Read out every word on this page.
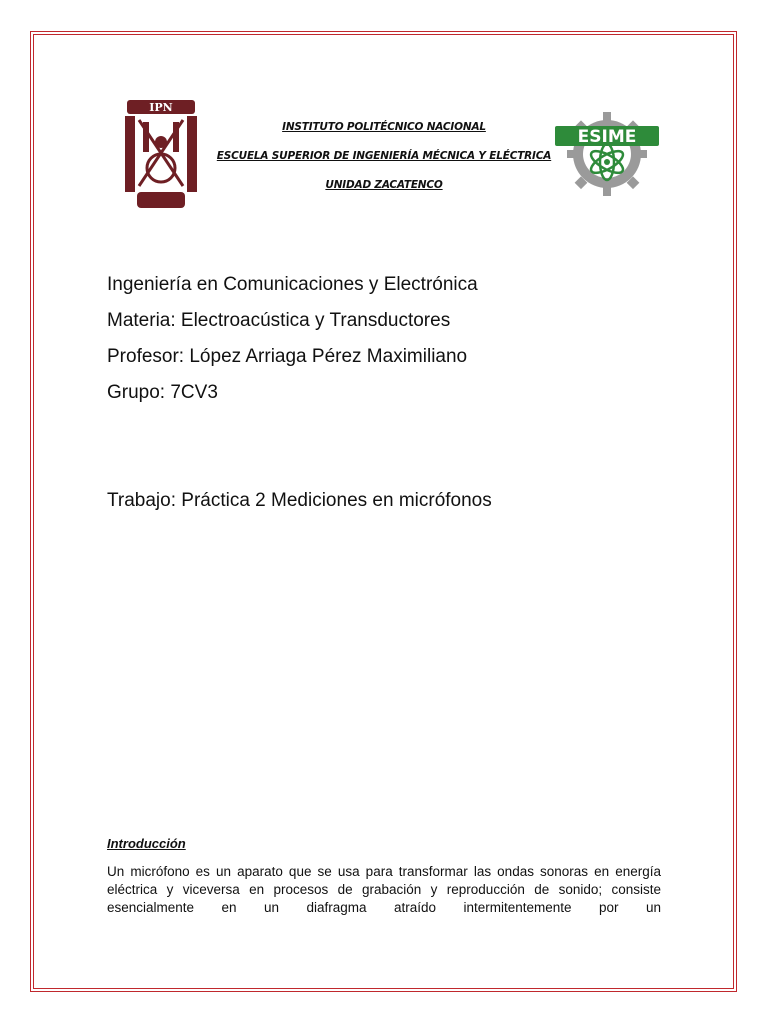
IPN
ESIME
INSTITUTO POLITÉCNICO NACIONAL
ESCUELA SUPERIOR DE INGENIERÍA MÉCNICA Y ELÉCTRICA
UNIDAD ZACATENCO
Ingeniería en Comunicaciones y Electrónica
Materia: Electroacústica y Transductores
Profesor: López Arriaga Pérez Maximiliano
Grupo: 7CV3
Trabajo: Práctica 2 Mediciones en micrófonos
Introducción
Un micrófono es un aparato que se usa para transformar las ondas sonoras en energía eléctrica y viceversa en procesos de grabación y reproducción de sonido; consiste esencialmente en un diafragma atraído intermitentemente por un
